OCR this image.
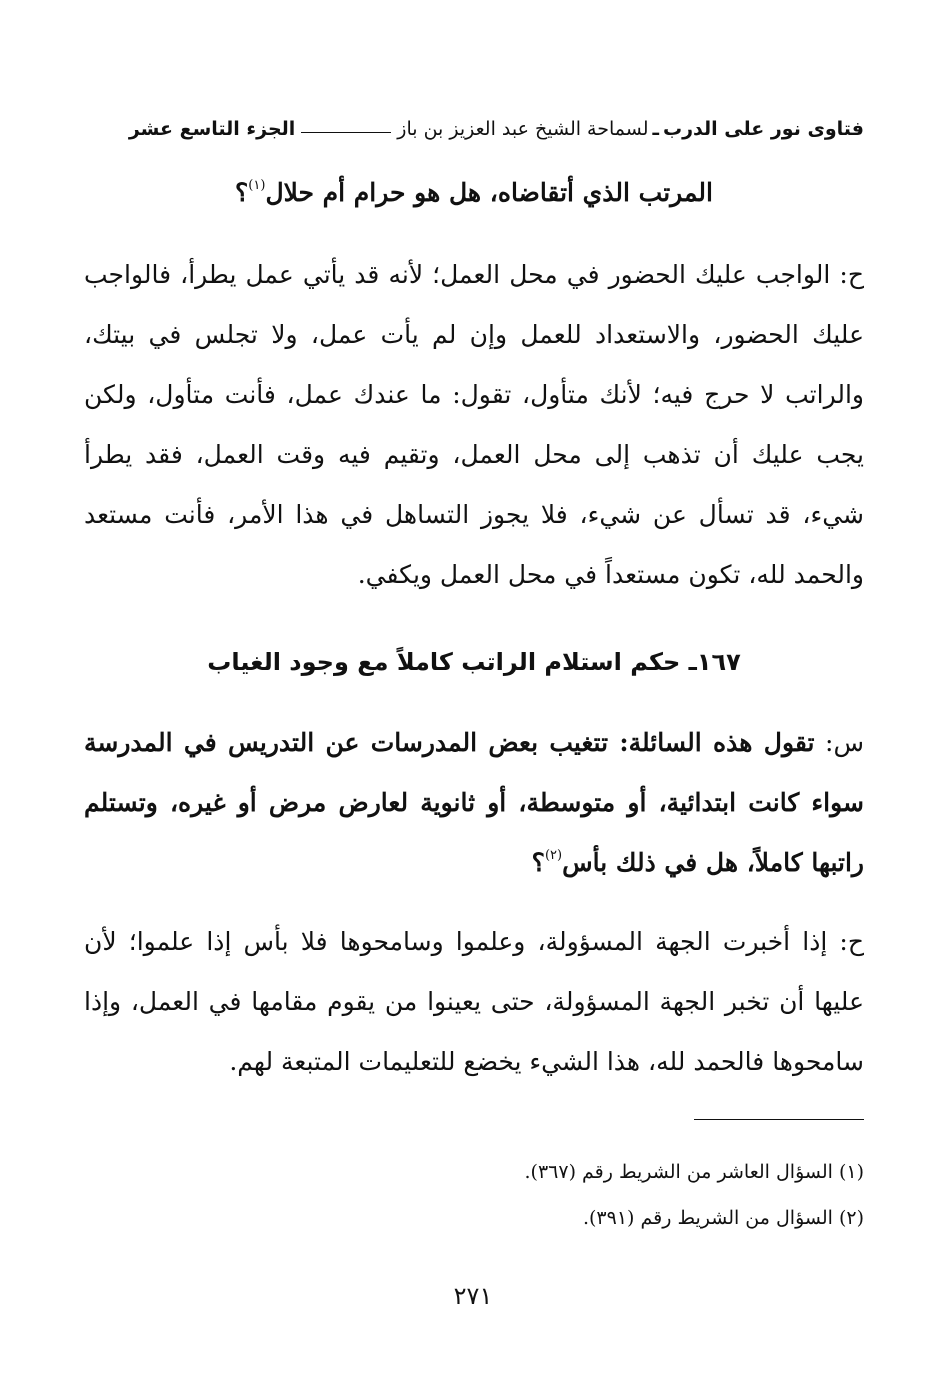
فتاوى نور على الدرب
ـ
لسماحة الشيخ عبد العزيز بن باز
الجزء التاسع عشر

المرتب الذي أتقاضاه، هل هو حرام أم حلال$^{(١)}$؟

ح: الواجب عليك الحضور في محل العمل؛ لأنه قد يأتي عمل يطرأ، فالواجب عليك الحضور، والاستعداد للعمل وإن لم يأت عمل، ولا تجلس في بيتك، والراتب لا حرج فيه؛ لأنك متأول، تقول: ما عندك عمل، فأنت متأول، ولكن يجب عليك أن تذهب إلى محل العمل، وتقيم فيه وقت العمل، فقد يطرأ شيء، قد تسأل عن شيء، فلا يجوز التساهل في هذا الأمر، فأنت مستعد والحمد لله، تكون مستعداً في محل العمل ويكفي.

١٦٧ـ حكم استلام الراتب كاملاً مع وجود الغياب

س: تقول هذه السائلة: تتغيب بعض المدرسات عن التدريس في المدرسة سواء كانت ابتدائية، أو متوسطة، أو ثانوية لعارض مرض أو غيره، وتستلم راتبها كاملاً، هل في ذلك بأس$^{(٢)}$؟

ح: إذا أخبرت الجهة المسؤولة، وعلموا وسامحوها فلا بأس إذا علموا؛ لأن عليها أن تخبر الجهة المسؤولة، حتى يعينوا من يقوم مقامها في العمل، وإذا سامحوها فالحمد لله، هذا الشيء يخضع للتعليمات المتبعة لهم.

(١) السؤال العاشر من الشريط رقم (٣٦٧).

(٢) السؤال من الشريط رقم (٣٩١).

٢٧١
